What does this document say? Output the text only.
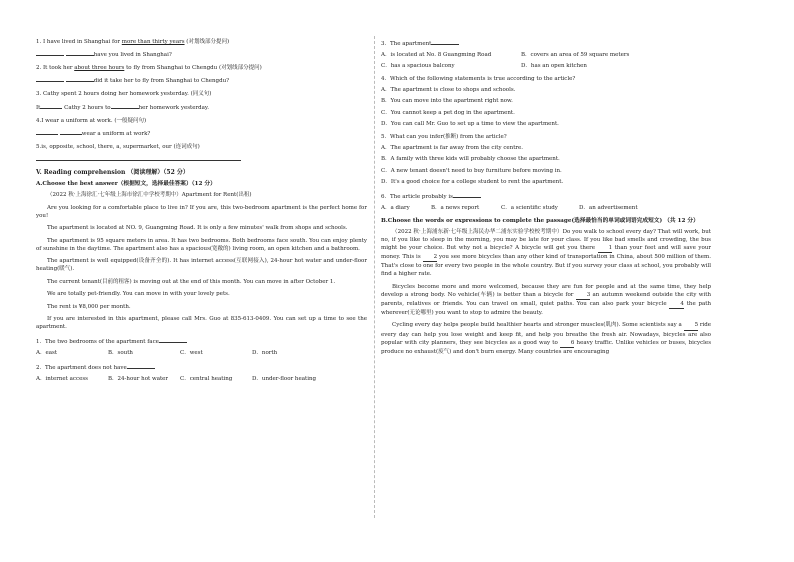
1. I have lived in Shanghai for more than thirty years (对划线部分提问)

have you lived in Shanghai?

2. It took her about three hours to fly from Shanghai to Chengdu (对划线部分提问)

did it take her to fly from Shanghai to Chengdu?

3. Cathy spent 2 hours doing her homework yesterday. (同义句)

It	Cathy 2 hours to	her homework yesterday.

4.I wear a uniform at work. (一般疑问句)

wear a uniform at work?

5.is, opposite, school, there, a, supermarket, our (连词成句)

V. Reading comprehension （阅读理解）（52 分）
A.Choose the best answer（根据短文，选择最佳答案）（12 分）

（2022 秋·上海徐汇·七年级上海市徐汇中学校考期中）Apartment for Rent(出租)

Are you looking for a comfortable place to live in? If you are, this two-bedroom apartment is the perfect home for you!

The apartment is located at NO. 9, Guangming Road. It is only a few minutes' walk from shops and schools.

The apartment is 95 square meters in area. It has two bedrooms. Both bedrooms face south. You can enjoy plenty of sunshine in the daytime. The apartment also has a spacious(宽敞的) living room, an open kitchen and a bathroom.

The apartment is well equipped(设备齐全的). It has internet access(互联网接入), 24-hour hot water and under-floor heating(暖气).

The current tenant(目前的租客) is moving out at the end of this month. You can move in after October 1.

We are totally pet-friendly. You can move in with your lovely pets.

The rent is ¥8,000 per month.

If you are interested in this apartment, please call Mrs. Guo at 835-613-0409. You can set up a time to see the apartment.

1．The two bedrooms of the apartment face

A．east	B．south	C．west	D．north

2．The apartment does not have

A．internet access	B．24-hour hot water	C．central heating	D．under-floor heating

3．The apartment

A．is located at No. 8 Guangming Road	B．covers an area of 59 square meters
C．has a spacious balcony	D．has an open kitchen

4．Which of the following statements is true according to the article?

A．The apartment is close to shops and schools.

B．You can move into the apartment right now.

C．You cannot keep a pet dog in the apartment.

D．You can call Mr. Guo to set up a time to view the apartment.

5．What can you infer(推断) from the article?

A．The apartment is far away from the city centre.

B．A family with three kids will probably choose the apartment.

C．A new tenant doesn't need to buy furniture before moving in.

D．It's a good choice for a college student to rent the apartment.

6．The article probably is

A．a diary	B．a news report	C．a scientific study	D．an advertisement
B.Choose the words or expressions to complete the passage(选择最恰当的单词或词语完成短文) （共 12 分）

（2022 秋·上海浦东新·七年级上海民办华二浦东实验学校校考期中）Do you walk to school every day? That will work, but no, if you like to sleep in the morning, you may be late for your class. If you like bad smells and crowding, the bus might be your choice. But why not a bicycle? A bicycle will get you there 1 than your feet and will save your money. This is 2 you see more bicycles than any other kind of transportation in China, about 500 million of them. That's close to one for every two people in the whole country. But if you survey your class at school, you probably will find a higher rate.

Bicycles become more and more welcomed, because they are fun for people and at the same time, they help develop a strong body. No vehicle(车辆) is better than a bicycle for 3 an autumn weekend outside the city with parents, relatives or friends. You can travel on small, quiet paths. You can also park your bicycle	4 the path wherever(无论哪里) you want to stop to admire the beauty.

Cycling every day helps people build healthier hearts and stronger muscles(肌肉). Some scientists say a 5 ride every day can help you lose weight and keep fit, and help you breathe the fresh air. Nowadays, bicycles are also popular with city planners, they see bicycles as a good way to 6 heavy traffic. Unlike vehicles or buses, bicycles produce no exhaust(废气) and don't burn energy. Many countries are encouraging
